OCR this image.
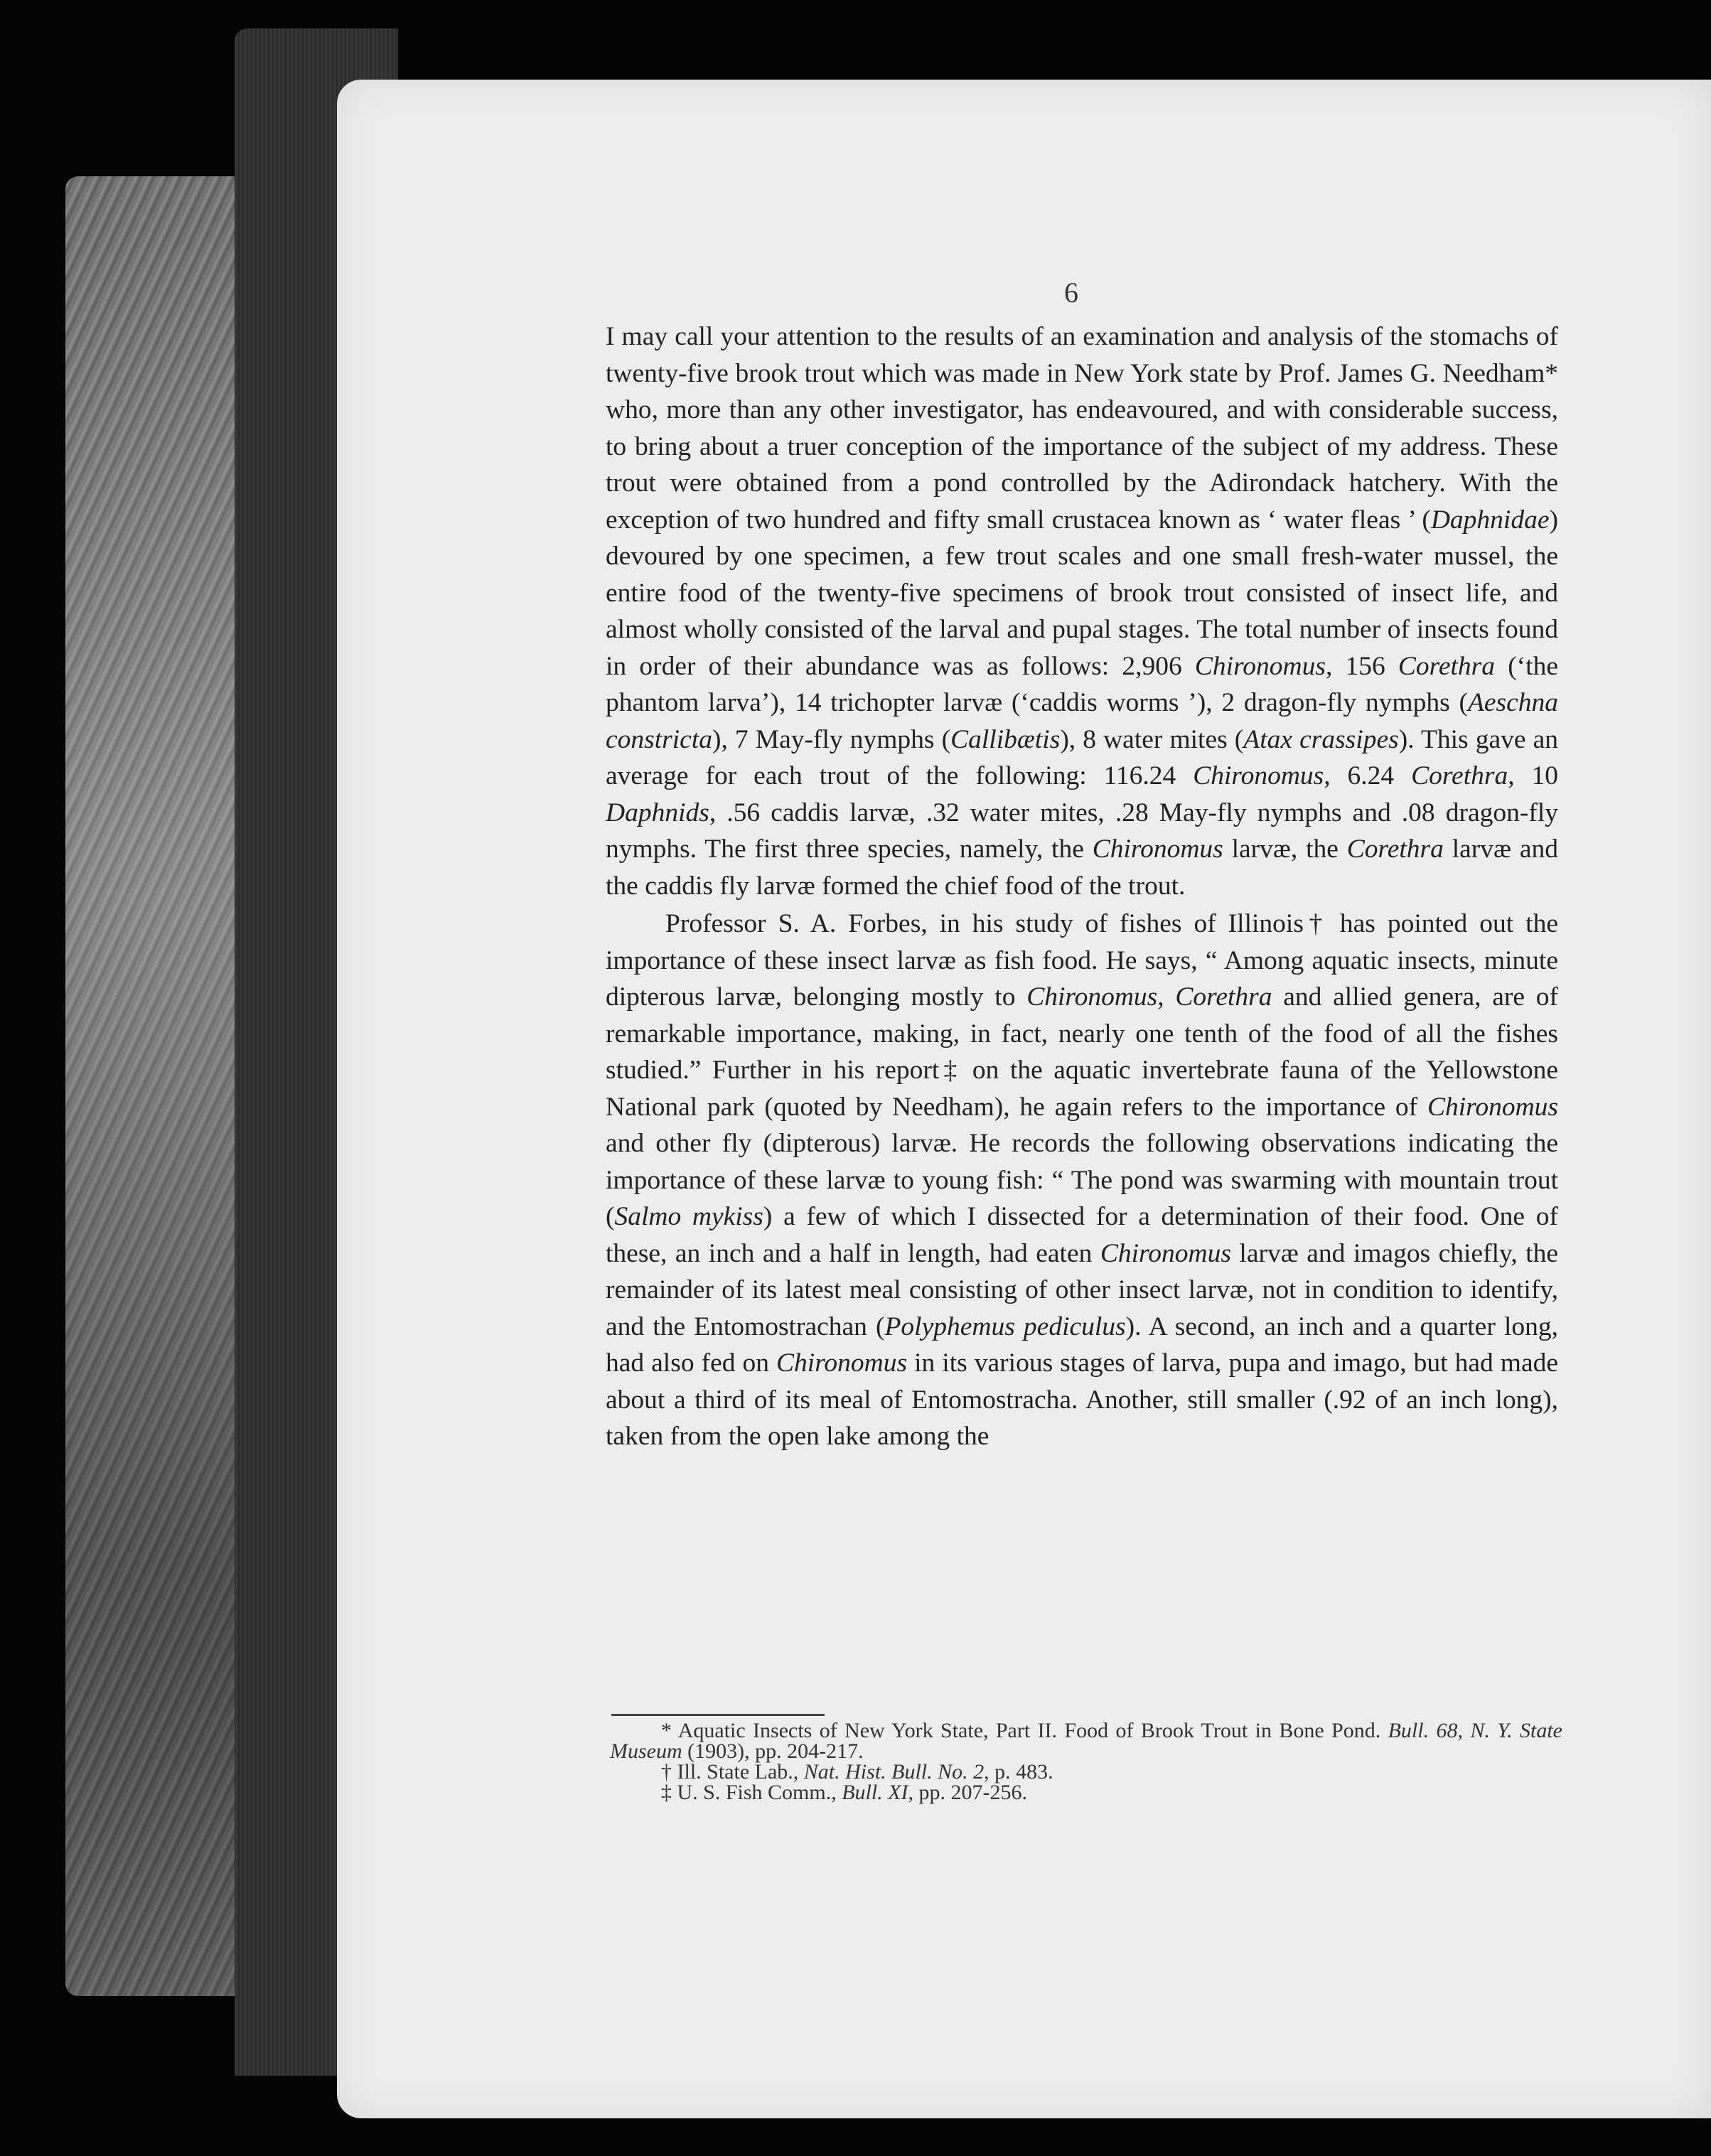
6

I may call your attention to the results of an examination and analysis of the stomachs of twenty-five brook trout which was made in New York state by Prof. James G. Needham* who, more than any other investigator, has endeavoured, and with considerable success, to bring about a truer conception of the importance of the subject of my address. These trout were obtained from a pond controlled by the Adirondack hatchery. With the exception of two hundred and fifty small crustacea known as ‘ water fleas ’ (Daphnidae) devoured by one specimen, a few trout scales and one small fresh-water mussel, the entire food of the twenty-five specimens of brook trout consisted of insect life, and almost wholly consisted of the larval and pupal stages. The total number of insects found in order of their abundance was as follows: 2,906 Chironomus, 156 Corethra (‘the phantom larva’), 14 trichopter larvæ (‘caddis worms ’), 2 dragon-fly nymphs (Aeschna constricta), 7 May-fly nymphs (Callibætis), 8 water mites (Atax crassipes). This gave an average for each trout of the following: 116.24 Chironomus, 6.24 Corethra, 10 Daphnids, .56 caddis larvæ, .32 water mites, .28 May-fly nymphs and .08 dragon-fly nymphs. The first three species, namely, the Chironomus larvæ, the Corethra larvæ and the caddis fly larvæ formed the chief food of the trout.

Professor S. A. Forbes, in his study of fishes of Illinois† has pointed out the importance of these insect larvæ as fish food. He says, “ Among aquatic insects, minute dipterous larvæ, belonging mostly to Chironomus, Corethra and allied genera, are of remarkable importance, making, in fact, nearly one tenth of the food of all the fishes studied.” Further in his report‡ on the aquatic invertebrate fauna of the Yellowstone National park (quoted by Needham), he again refers to the importance of Chironomus and other fly (dipterous) larvæ. He records the following observations indicating the importance of these larvæ to young fish: “ The pond was swarming with mountain trout (Salmo mykiss) a few of which I dissected for a determination of their food. One of these, an inch and a half in length, had eaten Chironomus larvæ and imagos chiefly, the remainder of its latest meal consisting of other insect larvæ, not in condition to identify, and the Entomostrachan (Polyphemus pediculus). A second, an inch and a quarter long, had also fed on Chironomus in its various stages of larva, pupa and imago, but had made about a third of its meal of Entomostracha. Another, still smaller (.92 of an inch long), taken from the open lake among the

* Aquatic Insects of New York State, Part II. Food of Brook Trout in Bone Pond. Bull. 68, N. Y. State Museum (1903), pp. 204-217.

† Ill. State Lab., Nat. Hist. Bull. No. 2, p. 483.

‡ U. S. Fish Comm., Bull. XI, pp. 207-256.
